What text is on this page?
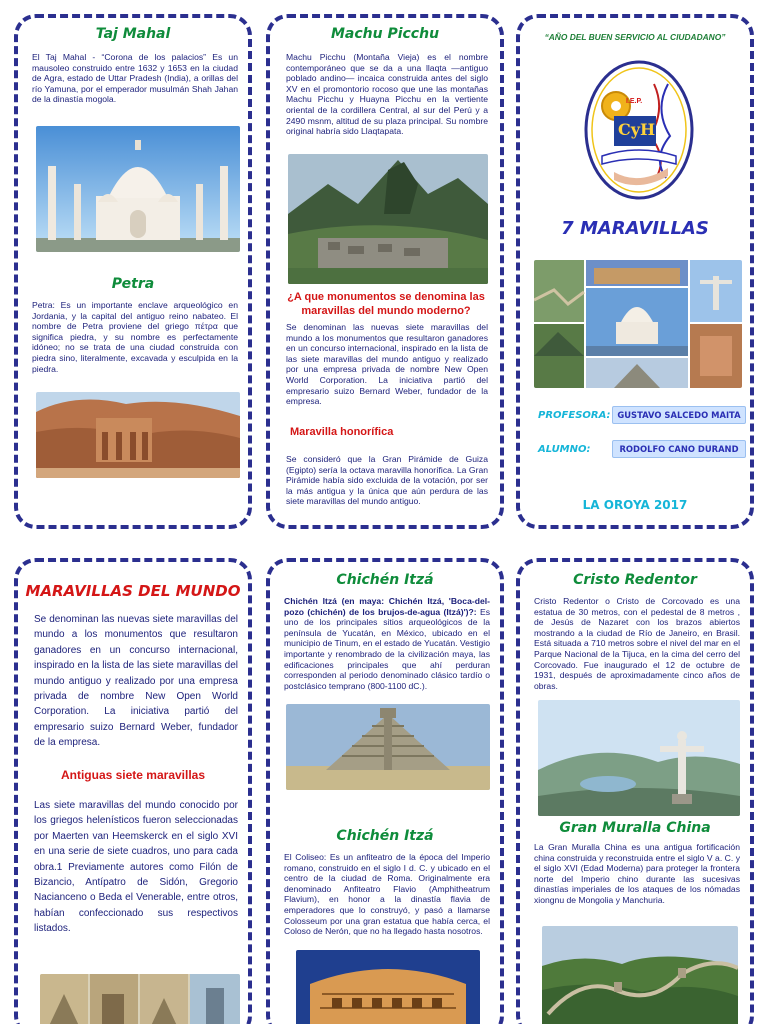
Taj Mahal
El Taj Mahal - “Corona de los palacios” Es un mausoleo construido entre 1632 y 1653 en la ciudad de Agra, estado de Uttar Pradesh (India), a orillas del río Yamuna, por el emperador musulmán Shah Jahan de la dinastía mogola.
Petra
Petra: Es un importante enclave arqueológico en Jordania, y la capital del antiguo reino nabateo. El nombre de Petra proviene del griego πέτρα que significa piedra, y su nombre es perfectamente idóneo; no se trata de una ciudad construida con piedra sino, literalmente, excavada y esculpida en la piedra.
Machu Picchu
Machu Picchu (Montaña Vieja) es el nombre contemporáneo que se da a una llaqta —antiguo poblado andino— incaica construida antes del siglo XV en el promontorio rocoso que une las montañas Machu Picchu y Huayna Picchu en la vertiente oriental de la cordillera Central, al sur del Perú y a 2490 msnm, altitud de su plaza principal. Su nombre original habría sido Llaqtapata.
¿A que monumentos se denomina las maravillas del mundo moderno?
Se denominan las nuevas siete maravillas del mundo a los monumentos que resultaron ganadores en un concurso internacional, inspirado en la lista de las siete maravillas del mundo antiguo y realizado por una empresa privada de nombre New Open World Corporation. La iniciativa partió del empresario suizo Bernard Weber, fundador de la empresa.
Maravilla honorífica
Se consideró que la Gran Pirámide de Guiza (Egipto) sería la octava maravilla honorífica. La Gran Pirámide había sido excluida de la votación, por ser la más antigua y la única que aún perdura de las siete maravillas del mundo antiguo.
“AÑO DEL BUEN SERVICIO AL CIUDADANO”
I.E.P.
CyH
7 MARAVILLAS
PROFESORA: GUSTAVO SALCEDO MAITA
ALUMNO:	RODOLFO CANO DURAND
LA OROYA 2017
MARAVILLAS DEL MUNDO
Se denominan las nuevas siete maravillas del mundo a los monumentos que resultaron ganadores en un concurso internacional, inspirado en la lista de las siete maravillas del mundo antiguo y realizado por una empresa privada de nombre New Open World Corporation. La iniciativa partió del empresario suizo Bernard Weber, fundador de la empresa.
Antiguas siete maravillas
Las siete maravillas del mundo conocido por los griegos helenísticos fueron seleccionadas por Maerten van Heemskerck en el siglo XVI en una serie de siete cuadros, uno para cada obra.1 Previamente autores como Filón de Bizancio, Antípatro de Sidón, Gregorio Nacianceno o Beda el Venerable, entre otros, habían confeccionado sus respectivos listados.
Chichén Itzá
Chichén Itzá (en maya: Chichén Itzá, 'Boca-del-pozo (chichén) de los brujos-de-agua (Itzá)')?: Es uno de los principales sitios arqueológicos de la península de Yucatán, en México, ubicado en el municipio de Tinum, en el estado de Yucatán. Vestigio importante y renombrado de la civilización maya, las edificaciones principales que ahí perduran corresponden al periodo denominado clásico tardío o postclásico temprano (800-1100 dC.).
Chichén Itzá
El Coliseo: Es un anfiteatro de la época del Imperio romano, construido en el siglo I d. C. y ubicado en el centro de la ciudad de Roma. Originalmente era denominado Anfiteatro Flavio (Amphitheatrum Flavium), en honor a la dinastía flavia de emperadores que lo construyó, y pasó a llamarse Colosseum por una gran estatua que había cerca, el Coloso de Nerón, que no ha llegado hasta nosotros.
Cristo Redentor
Cristo Redentor o Cristo de Corcovado es una estatua de 30 metros, con el pedestal de 8 metros , de Jesús de Nazaret con los brazos abiertos mostrando a la ciudad de Río de Janeiro, en Brasil. Está situada a 710 metros sobre el nivel del mar en el Parque Nacional de la Tijuca, en la cima del cerro del Corcovado. Fue inaugurado el 12 de octubre de 1931, después de aproximadamente cinco años de obras.
Gran Muralla China
La Gran Muralla China es una antigua fortificación china construida y reconstruida entre el siglo V a. C. y el siglo XVI (Edad Moderna) para proteger la frontera norte del Imperio chino durante las sucesivas dinastías imperiales de los ataques de los nómadas xiongnu de Mongolia y Manchuria.
